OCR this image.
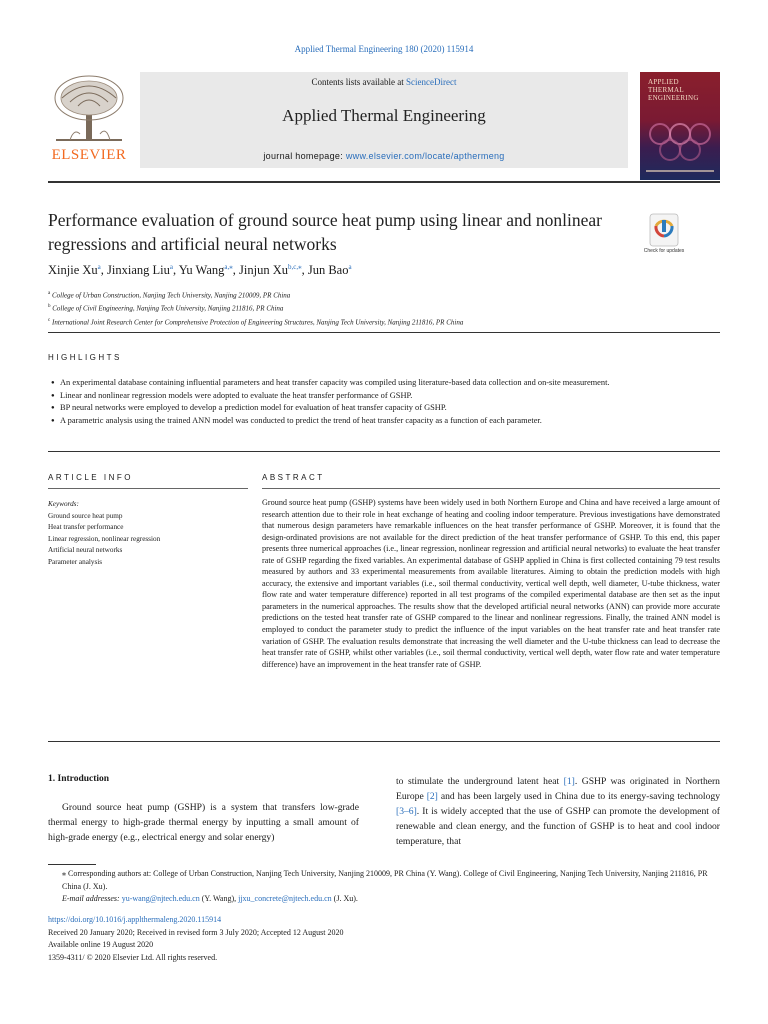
Applied Thermal Engineering 180 (2020) 115914
ELSEVIER
Contents lists available at ScienceDirect
Applied Thermal Engineering
journal homepage: www.elsevier.com/locate/apthermeng
APPLIED
THERMAL
ENGINEERING
Performance evaluation of ground source heat pump using linear and nonlinear regressions and artificial neural networks	Check for updates
Xinjie Xu$^a$, Jinxiang Liu$^a$, Yu Wang$^{a,⁎}$, Jinjun $Xu^{b,c,⁎}$, Jun Bao$^a$
$^a$ College of Urban Construction, Nanjing Tech University, Nanjing 210009, PR China
$^b$ College of Civil Engineering, Nanjing Tech University, Nanjing 211816, PR China
$^c$ International Joint Research Center for Comprehensive Protection of Engineering Structures, Nanjing Tech University, Nanjing 211816, PR China
HIGHLIGHTS
● An experimental database containing influential parameters and heat transfer capacity was compiled using literature-based data collection and on-site measurement.
● Linear and nonlinear regression models were adopted to evaluate the heat transfer performance of GSHP.
● BP neural networks were employed to develop a prediction model for evaluation of heat transfer capacity of GSHP.
● A parametric analysis using the trained ANN model was conducted to predict the trend of heat transfer capacity as a function of each parameter.
ARTICLE INFO	ABSTRACT
Keywords:
Ground source heat pump
Heat transfer performance
Linear regression, nonlinear regression
Artificial neural networks
Parameter analysis
Ground source heat pump (GSHP) systems have been widely used in both Northern Europe and China and have received a large amount of research attention due to their role in heat exchange of heating and cooling indoor temperature. Previous investigations have demonstrated that numerous design parameters have remarkable influences on the heat transfer performance of GSHP. Moreover, it is found that the design-ordinated provisions are not available for the direct prediction of the heat transfer performance of GSHP. To this end, this paper presents three numerical approaches (i.e., linear regression, nonlinear regression and artificial neural networks) to evaluate the heat transfer rate of GSHP regarding the fixed variables. An experimental database of GSHP applied in China is first collected containing 79 test results measured by authors and 33 experimental measurements from available literatures. Aiming to obtain the prediction models with high accuracy, the extensive and important variables (i.e., soil thermal conductivity, vertical well depth, well diameter, U-tube thickness, water flow rate and water temperature difference) reported in all test programs of the compiled experimental database are then set as the input parameters in the numerical approaches. The results show that the developed artificial neural networks (ANN) can provide more accurate predictions on the tested heat transfer rate of GSHP compared to the linear and nonlinear regressions. Finally, the trained ANN model is employed to conduct the parameter study to predict the influence of the input variables on the heat transfer rate and heat transfer rate variation of GSHP. The evaluation results demonstrate that increasing the well diameter and the U-tube thickness can lead to decrease the heat transfer rate of GSHP, whilst other variables (i.e., soil thermal conductivity, vertical well depth, water flow rate and water temperature difference) have an improvement in the heat transfer rate of GSHP.
1. Introduction
Ground source heat pump (GSHP) is a system that transfers low-grade thermal energy to high-grade thermal energy by inputting a small amount of high-grade energy (e.g., electrical energy and solar energy)
to stimulate the underground latent heat [1]. GSHP was originated in Northern Europe [2] and has been largely used in China due to its energy-saving technology [3–6]. It is widely accepted that the use of GSHP can promote the development of renewable and clean energy, and the function of GSHP is to heat and cool indoor temperature, that

⁎ Corresponding authors at: College of Urban Construction, Nanjing Tech University, Nanjing 210009, PR China (Y. Wang). College of Civil Engineering, Nanjing Tech University, Nanjing 211816, PR China (J. Xu).

E-mail addresses: yu-wang@njtech.edu.cn (Y. Wang), jjxu_concrete@njtech.edu.cn (J. Xu).

https://doi.org/10.1016/j.applthermaleng.2020.115914

Received 20 January 2020; Received in revised form 3 July 2020; Accepted 12 August 2020

Available online 19 August 2020

1359-4311/ © 2020 Elsevier Ltd. All rights reserved.
